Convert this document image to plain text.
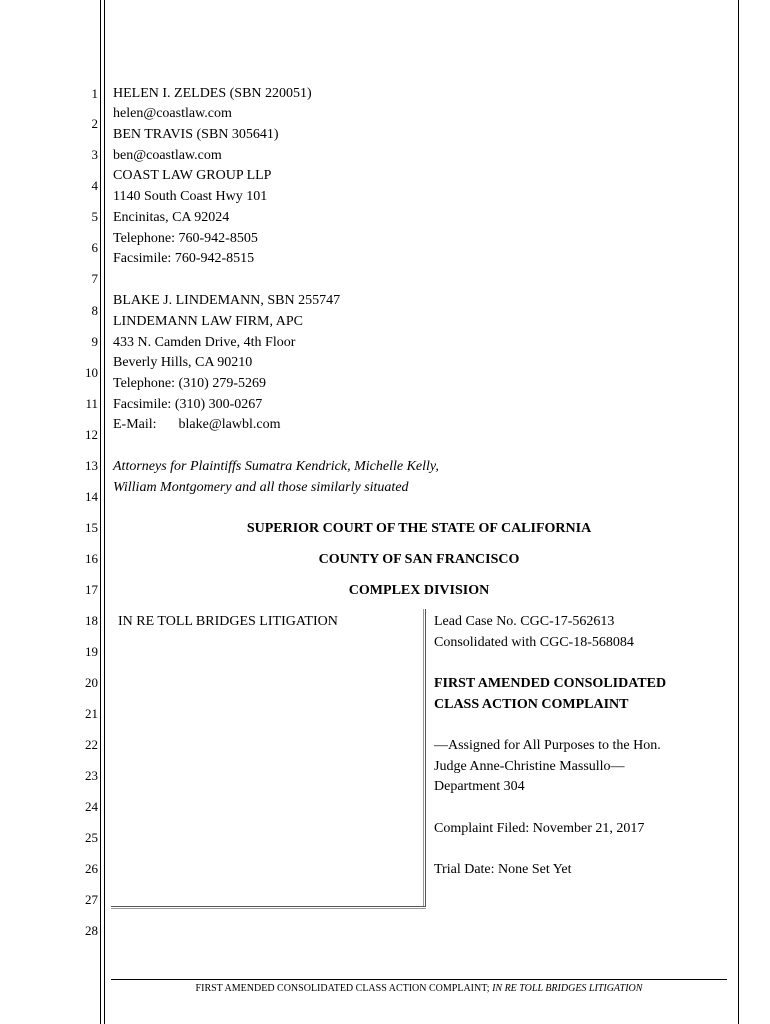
1
2
3
4
5
6
7
8
9
10
11
12
13
14
15
16
17
18
19
20
21
22
23
24
25
26
27
28
HELEN I. ZELDES (SBN 220051)
helen@coastlaw.com
BEN TRAVIS (SBN 305641)
ben@coastlaw.com
COAST LAW GROUP LLP
1140 South Coast Hwy 101
Encinitas, CA 92024
Telephone: 760-942-8505
Facsimile: 760-942-8515
BLAKE J. LINDEMANN, SBN 255747
LINDEMANN LAW FIRM, APC
433 N. Camden Drive, 4th Floor
Beverly Hills, CA 90210
Telephone: (310) 279-5269
Facsimile: (310) 300-0267
E-Mail: blake@lawbl.com
Attorneys for Plaintiffs Sumatra Kendrick, Michelle Kelly,
William Montgomery and all those similarly situated
SUPERIOR COURT OF THE STATE OF CALIFORNIA
COUNTY OF SAN FRANCISCO
COMPLEX DIVISION
IN RE TOLL BRIDGES LITIGATION	Lead Case No. CGC-17-562613
Consolidated with CGC-18-568084
FIRST AMENDED CONSOLIDATED
CLASS ACTION COMPLAINT
—Assigned for All Purposes to the Hon.
Judge Anne-Christine Massullo—
Department 304
Complaint Filed: November 21, 2017
Trial Date: None Set Yet
FIRST AMENDED CONSOLIDATED CLASS ACTION COMPLAINT; IN RE TOLL BRIDGES LITIGATION
